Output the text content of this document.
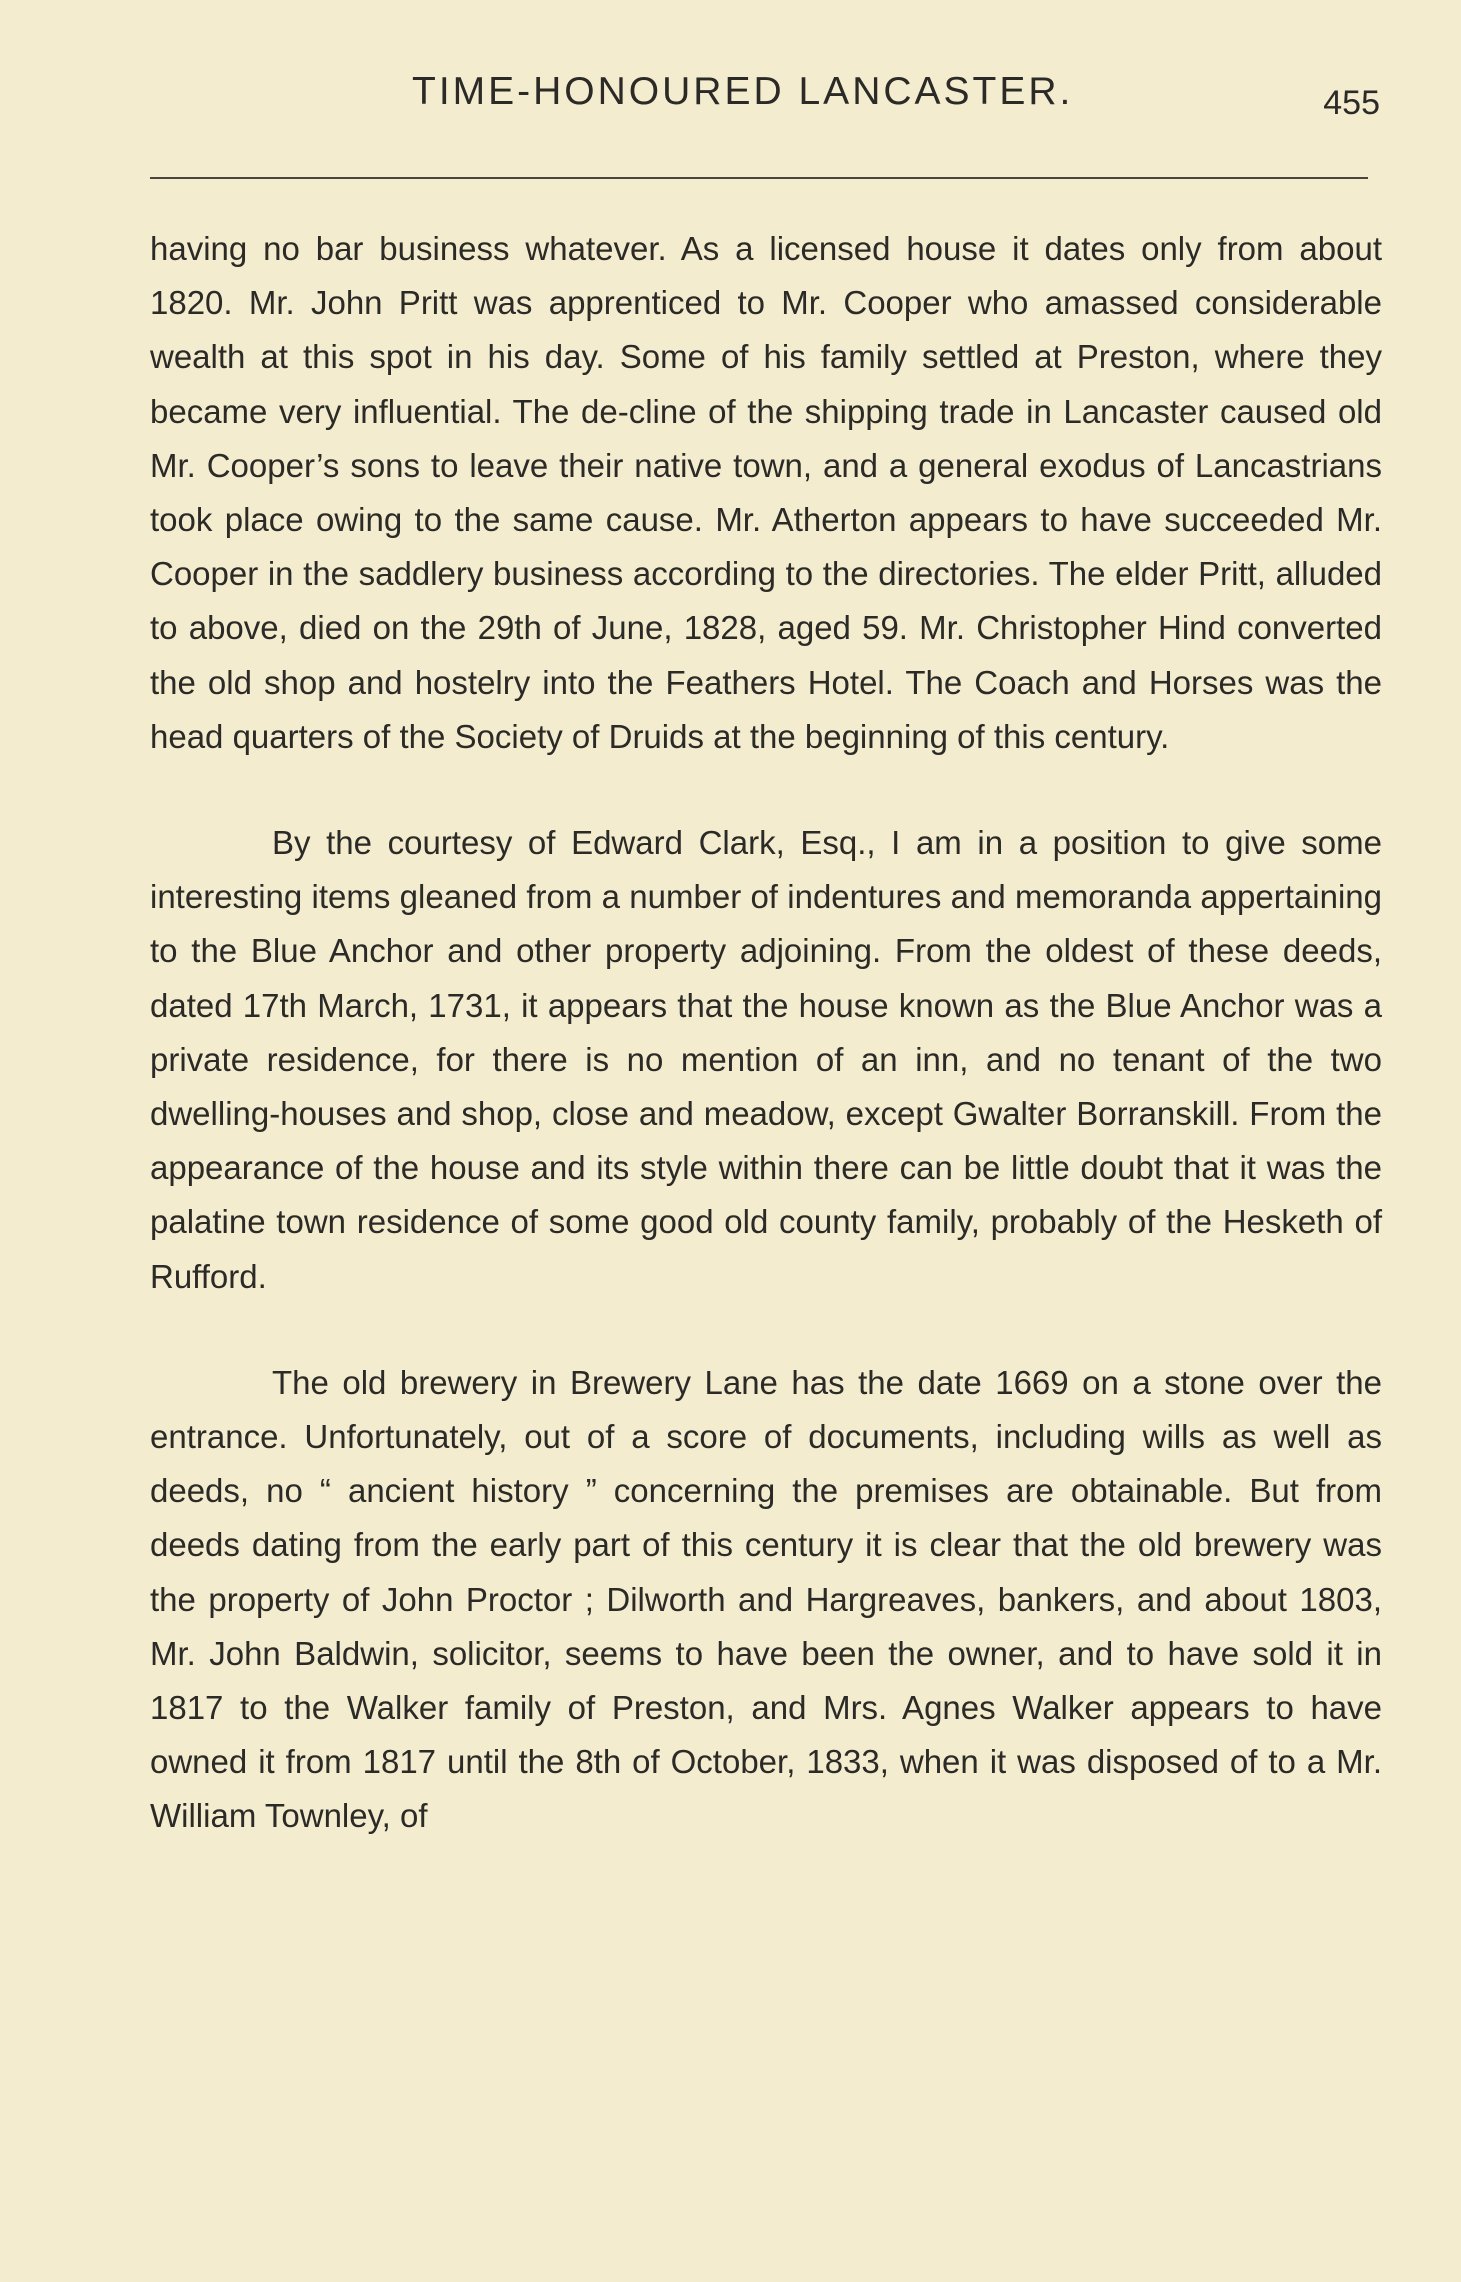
TIME-HONOURED LANCASTER.	455

having no bar business whatever. As a licensed house it dates only from about 1820. Mr. John Pritt was apprenticed to Mr. Cooper who amassed considerable wealth at this spot in his day. Some of his family settled at Preston, where they became very influential. The de-cline of the shipping trade in Lancaster caused old Mr. Cooper’s sons to leave their native town, and a general exodus of Lancastrians took place owing to the same cause. Mr. Atherton appears to have succeeded Mr. Cooper in the saddlery business according to the directories. The elder Pritt, alluded to above, died on the 29th of June, 1828, aged 59. Mr. Christopher Hind converted the old shop and hostelry into the Feathers Hotel. The Coach and Horses was the head quarters of the Society of Druids at the beginning of this century.

By the courtesy of Edward Clark, Esq., I am in a position to give some interesting items gleaned from a number of indentures and memoranda appertaining to the Blue Anchor and other property adjoining. From the oldest of these deeds, dated 17th March, 1731, it appears that the house known as the Blue Anchor was a private residence, for there is no mention of an inn, and no tenant of the two dwelling-houses and shop, close and meadow, except Gwalter Borranskill. From the appearance of the house and its style within there can be little doubt that it was the palatine town residence of some good old county family, probably of the Hesketh of Rufford.

The old brewery in Brewery Lane has the date 1669 on a stone over the entrance. Unfortunately, out of a score of documents, including wills as well as deeds, no “ ancient history ” concerning the premises are obtainable. But from deeds dating from the early part of this century it is clear that the old brewery was the property of John Proctor ; Dilworth and Hargreaves, bankers, and about 1803, Mr. John Baldwin, solicitor, seems to have been the owner, and to have sold it in 1817 to the Walker family of Preston, and Mrs. Agnes Walker appears to have owned it from 1817 until the 8th of October, 1833, when it was disposed of to a Mr. William Townley, of
